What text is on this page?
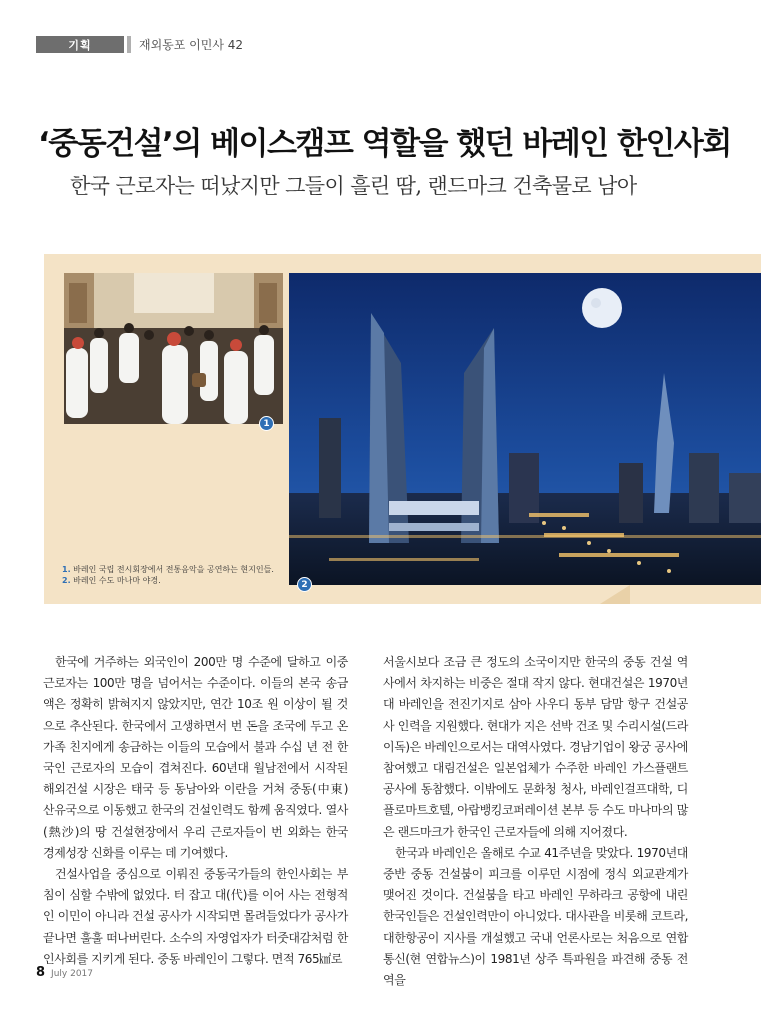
기획	재외동포 이민사 42
‘중동건설’의 베이스캠프 역할을 했던 바레인 한인사회
한국 근로자는 떠났지만 그들이 흘린 땀, 랜드마크 건축물로 남아
1
2
1. 바레인 국립 전시회장에서 전통음악을 공연하는 현지인들.
2. 바레인 수도 마나마 야경.

한국에 거주하는 외국인이 200만 명 수준에 달하고 이중 근로자는 100만 명을 넘어서는 수준이다. 이들의 본국 송금액은 정확히 밝혀지지 않았지만, 연간 10조 원 이상이 될 것으로 추산된다. 한국에서 고생하면서 번 돈을 조국에 두고 온 가족 친지에게 송금하는 이들의 모습에서 불과 수십 년 전 한국인 근로자의 모습이 겹쳐진다. 60년대 월남전에서 시작된 해외건설 시장은 태국 등 동남아와 이란을 거쳐 중동(中東) 산유국으로 이동했고 한국의 건설인력도 함께 움직였다. 열사(熱沙)의 땅 건설현장에서 우리 근로자들이 번 외화는 한국 경제성장 신화를 이루는 데 기여했다.

건설사업을 중심으로 이뤄진 중동국가들의 한인사회는 부침이 심할 수밖에 없었다. 터 잡고 대(代)를 이어 사는 전형적인 이민이 아니라 건설 공사가 시작되면 몰려들었다가 공사가 끝나면 훌훌 떠나버린다. 소수의 자영업자가 터줏대감처럼 한인사회를 지키게 된다. 중동 바레인이 그렇다. 면적 765㎢로

서울시보다 조금 큰 정도의 소국이지만 한국의 중동 건설 역사에서 차지하는 비중은 절대 작지 않다. 현대건설은 1970년대 바레인을 전진기지로 삼아 사우디 동부 담맘 항구 건설공사 인력을 지원했다. 현대가 지은 선박 건조 및 수리시설(드라이독)은 바레인으로서는 대역사였다. 경남기업이 왕궁 공사에 참여했고 대림건설은 일본업체가 수주한 바레인 가스플랜트 공사에 동참했다. 이밖에도 문화청 청사, 바레인걸프대학, 디플로마트호텔, 아랍뱅킹코퍼레이션 본부 등 수도 마나마의 많은 랜드마크가 한국인 근로자들에 의해 지어졌다.

한국과 바레인은 올해로 수교 41주년을 맞았다. 1970년대 중반 중동 건설붐이 피크를 이루던 시점에 정식 외교관계가 맺어진 것이다. 건설붐을 타고 바레인 무하라크 공항에 내린 한국인들은 건설인력만이 아니었다. 대사관을 비롯해 코트라, 대한항공이 지사를 개설했고 국내 언론사로는 처음으로 연합통신(현 연합뉴스)이 1981년 상주 특파원을 파견해 중동 전역을

8 July 2017
